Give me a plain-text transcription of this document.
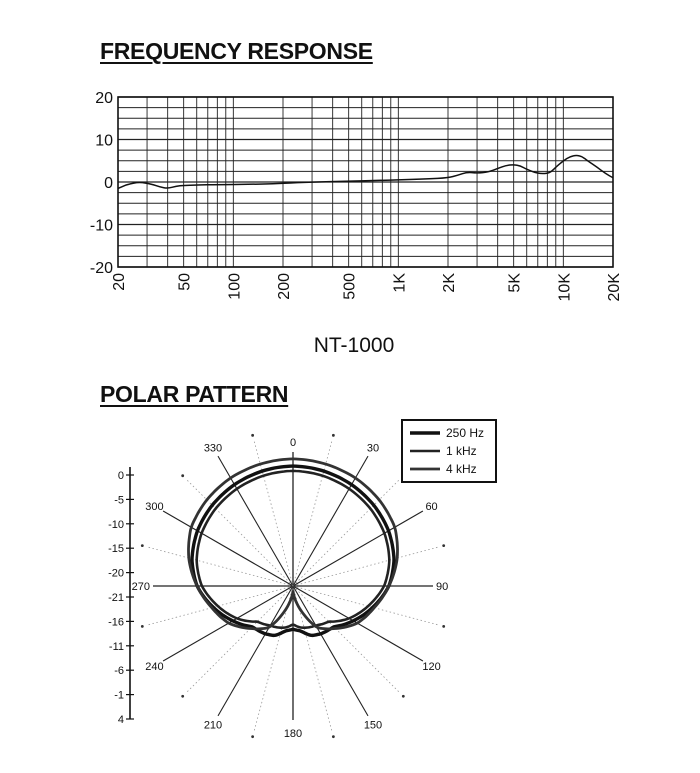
FREQUENCY RESPONSE
POLAR PATTERN
NT-1000
20
10
0
-10
-20
20	50 100 200	500 1K 2K	5K 10K 20K
0
-5
-10
-15
-20
-21
-16
-11
-6
-1
4
0	30
60
90
120
150
180
210
240
270
300
330
250 Hz
1 kHz
4 kHz
